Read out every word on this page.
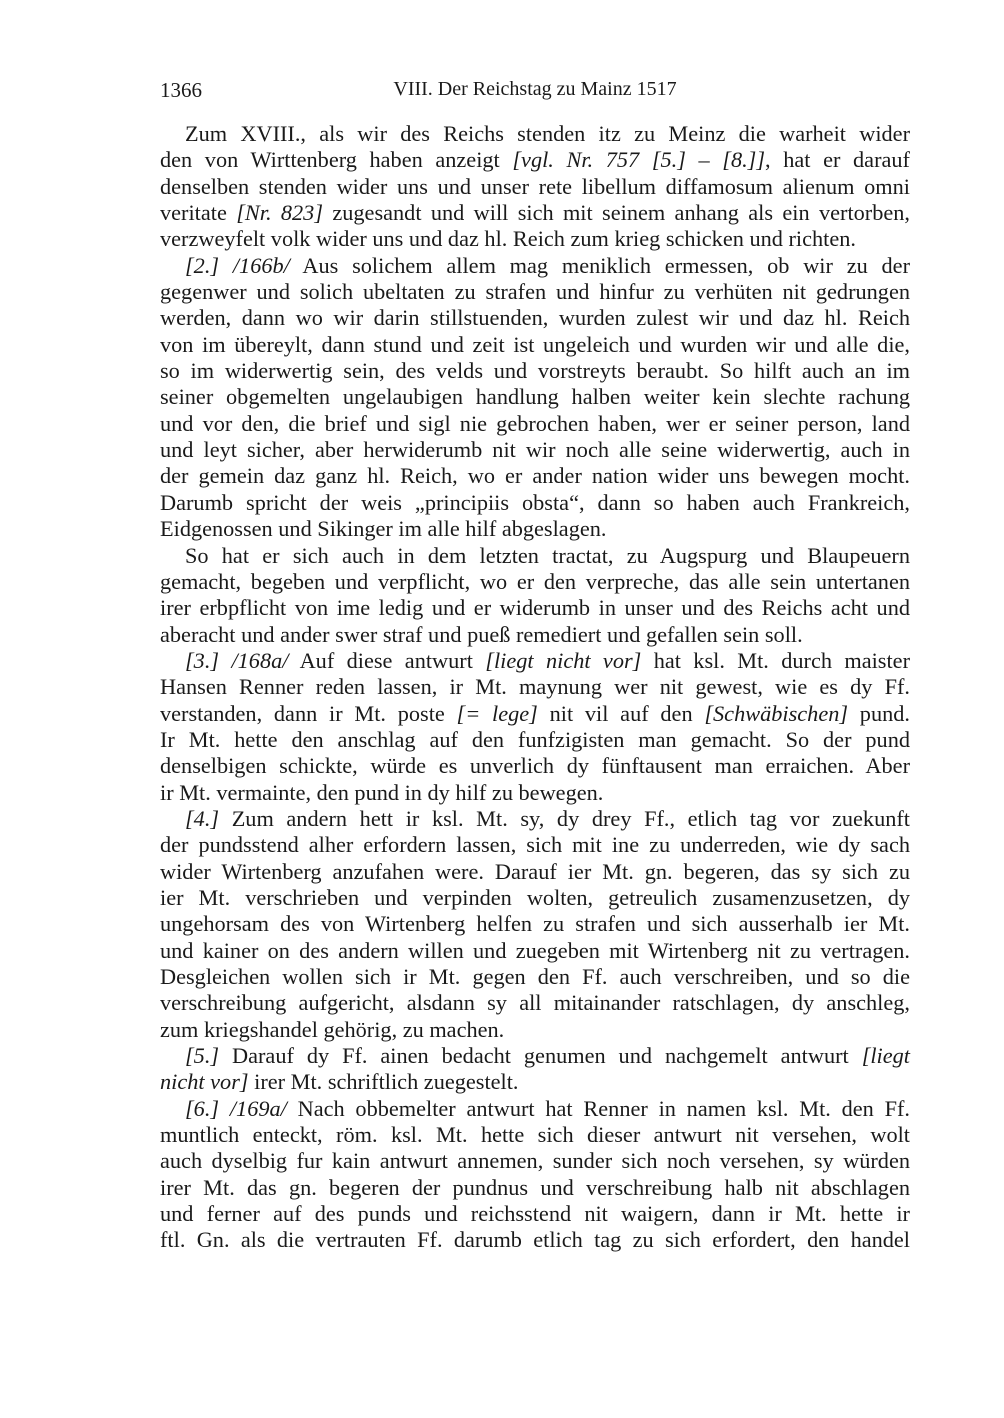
1366	VIII. Der Reichstag zu Mainz 1517
Zum XVIII., als wir des Reichs stenden itz zu Meinz die warheit wider
den von Wirttenberg haben anzeigt [vgl. Nr. 757 [5.] – [8.]], hat er darauf
denselben stenden wider uns und unser rete libellum diffamosum alienum omni
veritate [Nr. 823] zugesandt und will sich mit seinem anhang als ein vertorben,
verzweyfelt volk wider uns und daz hl. Reich zum krieg schicken und richten.
[2.] /166b/ Aus solichem allem mag meniklich ermessen, ob wir zu der
gegenwer und solich ubeltaten zu strafen und hinfur zu verhüten nit gedrungen
werden, dann wo wir darin stillstuenden, wurden zulest wir und daz hl. Reich
von im übereylt, dann stund und zeit ist ungeleich und wurden wir und alle die,
so im widerwertig sein, des velds und vorstreyts beraubt. So hilft auch an im
seiner obgemelten ungelaubigen handlung halben weiter kein slechte rachung
und vor den, die brief und sigl nie gebrochen haben, wer er seiner person, land
und leyt sicher, aber herwiderumb nit wir noch alle seine widerwertig, auch in
der gemein daz ganz hl. Reich, wo er ander nation wider uns bewegen mocht.
Darumb spricht der weis „principiis obsta“, dann so haben auch Frankreich,
Eidgenossen und Sikinger im alle hilf abgeslagen.
So hat er sich auch in dem letzten tractat, zu Augspurg und Blaupeuern
gemacht, begeben und verpflicht, wo er den verpreche, das alle sein untertanen
irer erbpflicht von ime ledig und er widerumb in unser und des Reichs acht und
aberacht und ander swer straf und pueß remediert und gefallen sein soll.
[3.] /168a/ Auf diese antwurt [liegt nicht vor] hat ksl. Mt. durch maister
Hansen Renner reden lassen, ir Mt. maynung wer nit gewest, wie es dy Ff.
verstanden, dann ir Mt. poste [= lege] nit vil auf den [Schwäbischen] pund.
Ir Mt. hette den anschlag auf den funfzigisten man gemacht. So der pund
denselbigen schickte, würde es unverlich dy fünftausent man erraichen. Aber
ir Mt. vermainte, den pund in dy hilf zu bewegen.
[4.] Zum andern hett ir ksl. Mt. sy, dy drey Ff., etlich tag vor zuekunft
der pundsstend alher erfordern lassen, sich mit ine zu underreden, wie dy sach
wider Wirtenberg anzufahen were. Darauf ier Mt. gn. begeren, das sy sich zu
ier Mt. verschrieben und verpinden wolten, getreulich zusamenzusetzen, dy
ungehorsam des von Wirtenberg helfen zu strafen und sich ausserhalb ier Mt.
und kainer on des andern willen und zuegeben mit Wirtenberg nit zu vertragen.
Desgleichen wollen sich ir Mt. gegen den Ff. auch verschreiben, und so die
verschreibung aufgericht, alsdann sy all mitainander ratschlagen, dy anschleg,
zum kriegshandel gehörig, zu machen.
[5.] Darauf dy Ff. ainen bedacht genumen und nachgemelt antwurt [liegt
nicht vor] irer Mt. schriftlich zuegestelt.
[6.] /169a/ Nach obbemelter antwurt hat Renner in namen ksl. Mt. den Ff.
muntlich enteckt, röm. ksl. Mt. hette sich dieser antwurt nit versehen, wolt
auch dyselbig fur kain antwurt annemen, sunder sich noch versehen, sy würden
irer Mt. das gn. begeren der pundnus und verschreibung halb nit abschlagen
und ferner auf des punds und reichsstend nit waigern, dann ir Mt. hette ir
ftl. Gn. als die vertrauten Ff. darumb etlich tag zu sich erfordert, den handel
